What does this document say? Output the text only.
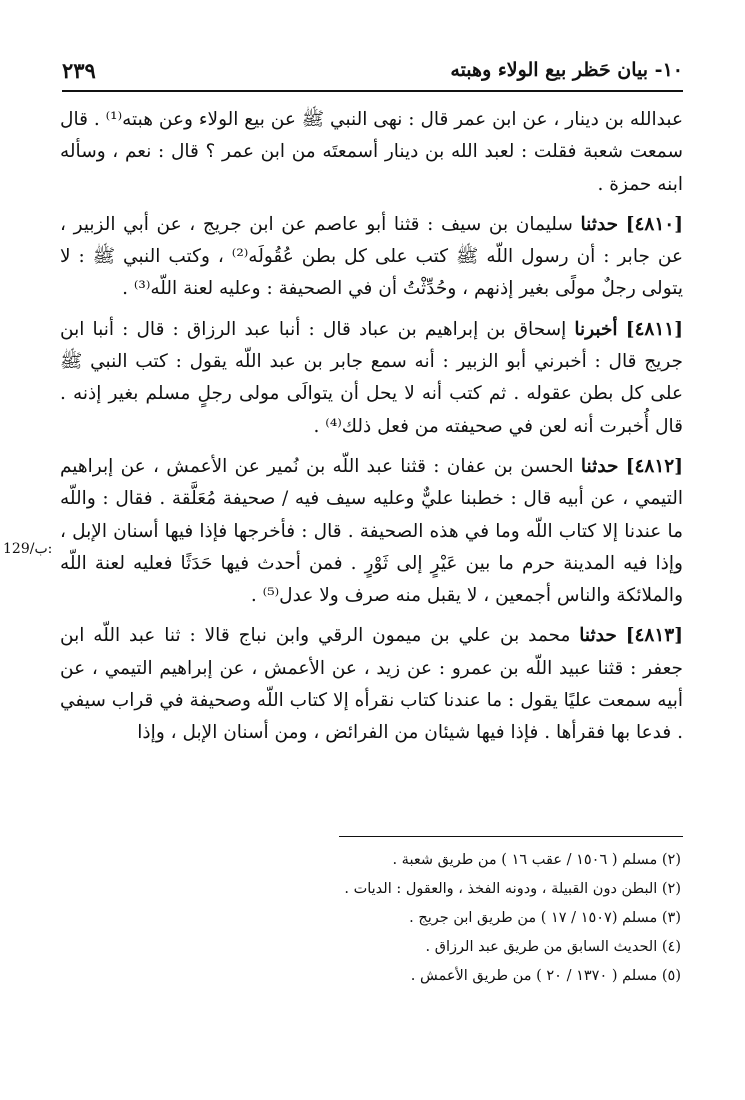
١٠- بيان حَظر بيع الولاء وهبته
٢٣٩
129/ب:

عبدالله بن دينار ، عن ابن عمر قال : نهى النبي ﷺ عن بيع الولاء وعن هبته⁽¹⁾ . قال سمعت شعبة فقلت : لعبد الله بن دينار أسمعتَه من ابن عمر ؟ قال : نعم ، وسأله ابنه حمزة .

[٤٨١٠] حدثنا سليمان بن سيف : قثنا أبو عاصم عن ابن جريج ، عن أبي الزبير ، عن جابر : أن رسول اللّه ﷺ كتب على كل بطن عُقُولَه⁽²⁾ ، وكتب النبي ﷺ : لا يتولى رجلٌ مولًى بغير إذنهم ، وحُدِّثْتُ أن في الصحيفة : وعليه لعنة اللّه⁽³⁾ .

[٤٨١١] أخبرنا إسحاق بن إبراهيم بن عباد قال : أنبا عبد الرزاق : قال : أنبا ابن جريج قال : أخبرني أبو الزبير : أنه سمع جابر بن عبد اللّه يقول : كتب النبي ﷺ على كل بطن عقوله . ثم كتب أنه لا يحل أن يتوالَى مولى رجلٍ مسلم بغير إذنه . قال أُخبرت أنه لعن في صحيفته من فعل ذلك⁽⁴⁾ .

[٤٨١٢] حدثنا الحسن بن عفان : قثنا عبد اللّه بن نُمير عن الأعمش ، عن إبراهيم التيمي ، عن أبيه قال : خطبنا عليٌّ وعليه سيف فيه / صحيفة مُعَلَّقة . فقال : واللّه ما عندنا إلا كتاب اللّه وما في هذه الصحيفة . قال : فأخرجها فإذا فيها أسنان الإبل ، وإذا فيه المدينة حرم ما بين عَيْرٍ إلى ثَوْرٍ . فمن أحدث فيها حَدَثًا فعليه لعنة اللّه والملائكة والناس أجمعين ، لا يقبل منه صرف ولا عدل⁽⁵⁾ .

[٤٨١٣] حدثنا محمد بن علي بن ميمون الرقي وابن نباج قالا : ثنا عبد اللّه ابن جعفر : قثنا عبيد اللّه بن عمرو : عن زيد ، عن الأعمش ، عن إبراهيم التيمي ، عن أبيه سمعت عليًا يقول : ما عندنا كتاب نقرأه إلا كتاب اللّه وصحيفة في قراب سيفي . فدعا بها فقرأها . فإذا فيها شيئان من الفرائض ، ومن أسنان الإبل ، وإذا

(٢) مسلم ( ١٥٠٦ / عقب ١٦ ) من طريق شعبة .
(٢) البطن دون القبيلة ، ودونه الفخذ ، والعقول : الديات .
(٣) مسلم (١٥٠٧ / ١٧ ) من طريق ابن جريج .
(٤) الحديث السابق من طريق عبد الرزاق .
(٥) مسلم ( ١٣٧٠ / ٢٠ ) من طريق الأعمش .
